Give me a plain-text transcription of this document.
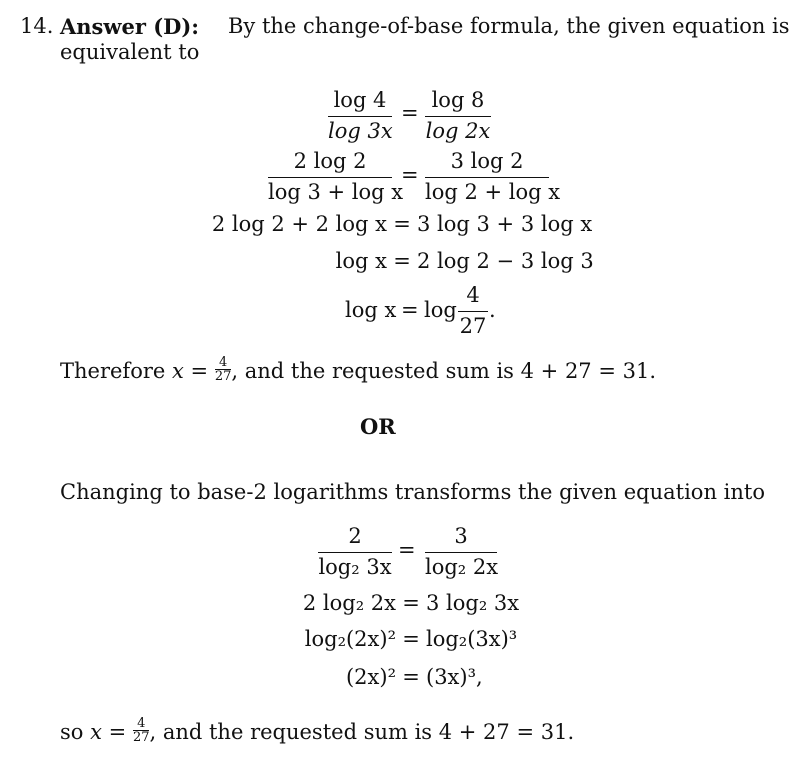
14. Answer (D): By the change-of-base formula, the given equation is
equivalent to
log 4
log 3x
=
log 8
log 2x
2 log 2
log 3 + log x
=
3 log 2
log 2 + log x
2 log 2 + 2 log x = 3 log 3 + 3 log x
log x = 2 log 2 − 3 log 3
log x = log
4
27
.
Therefore $x = \frac{4}{27}$ , and the requested sum is 4 + 27 = 31.
OR
Changing to base-2 logarithms transforms the given equation into
2
log₂ 3x
=
3
log₂ 2x
2 log₂ 2x = 3 log₂ 3x
log₂(2x)² = log₂(3x)³
(2x)² = (3x)³,
so $x = \frac{4}{27}$ , and the requested sum is 4 + 27 = 31.
